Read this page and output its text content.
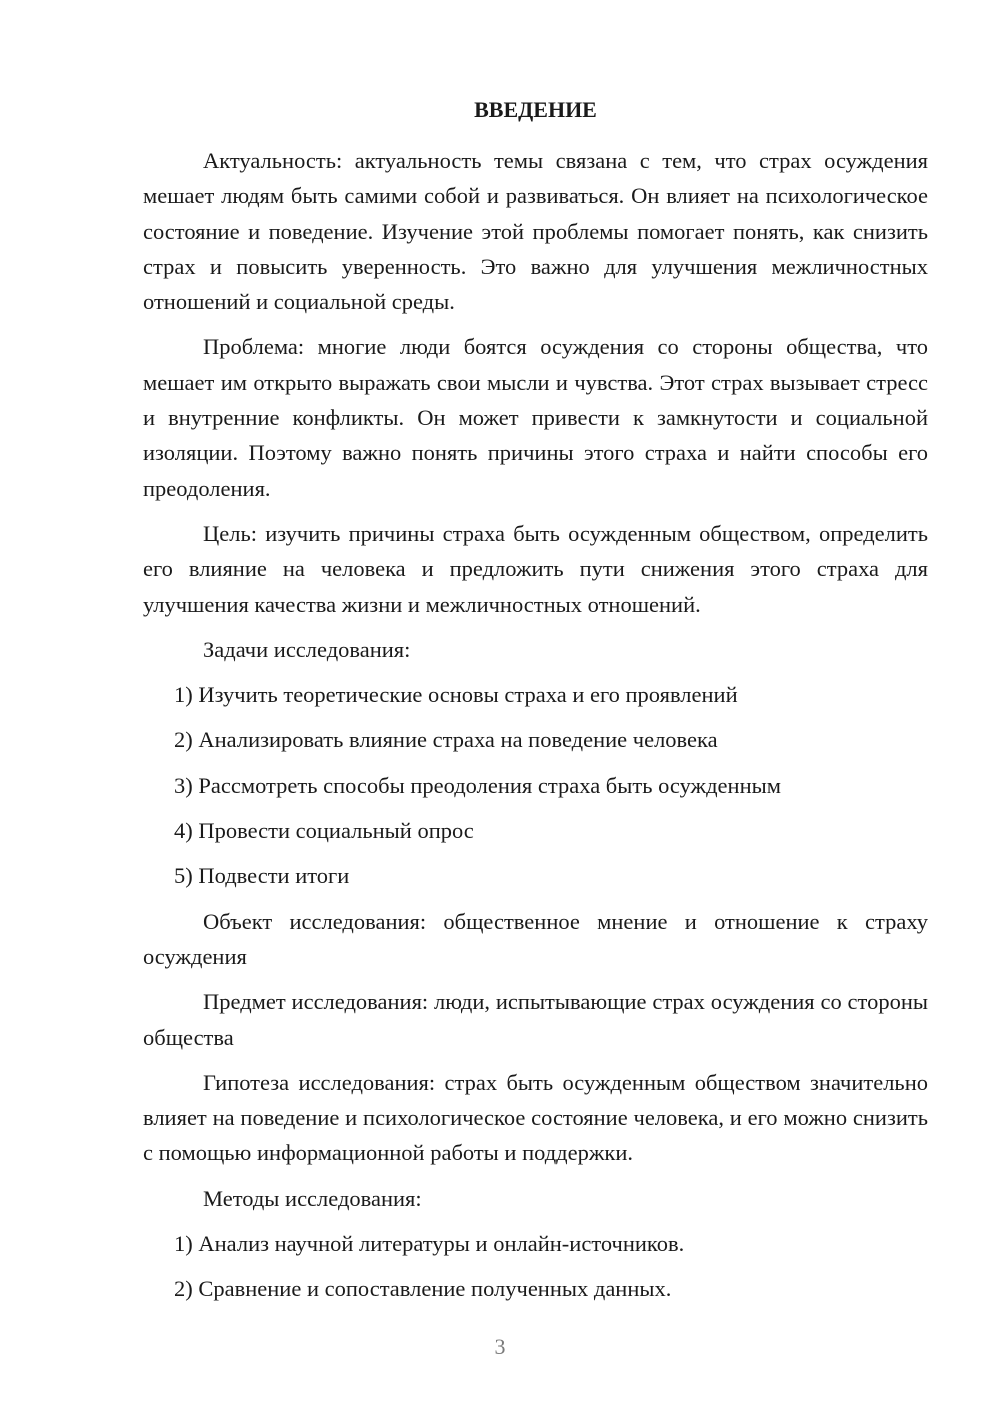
ВВЕДЕНИЕ
Актуальность: актуальность темы связана с тем, что страх осуждения мешает людям быть самими собой и развиваться. Он влияет на психологическое состояние и поведение. Изучение этой проблемы помогает понять, как снизить страх и повысить уверенность. Это важно для улучшения межличностных отношений и социальной среды.
Проблема: многие люди боятся осуждения со стороны общества, что мешает им открыто выражать свои мысли и чувства. Этот страх вызывает стресс и внутренние конфликты. Он может привести к замкнутости и социальной изоляции. Поэтому важно понять причины этого страха и найти способы его преодоления.
Цель: изучить причины страха быть осужденным обществом, определить его влияние на человека и предложить пути снижения этого страха для улучшения качества жизни и межличностных отношений.
Задачи исследования:
1) Изучить теоретические основы страха и его проявлений
2) Анализировать влияние страха на поведение человека
3) Рассмотреть способы преодоления страха быть осужденным
4) Провести социальный опрос
5) Подвести итоги
Объект исследования: общественное мнение и отношение к страху осуждения
Предмет исследования: люди, испытывающие страх осуждения со стороны общества
Гипотеза исследования: страх быть осужденным обществом значительно влияет на поведение и психологическое состояние человека, и его можно снизить с помощью информационной работы и поддержки.
Методы исследования:
1) Анализ научной литературы и онлайн-источников.
2) Сравнение и сопоставление полученных данных.
3
